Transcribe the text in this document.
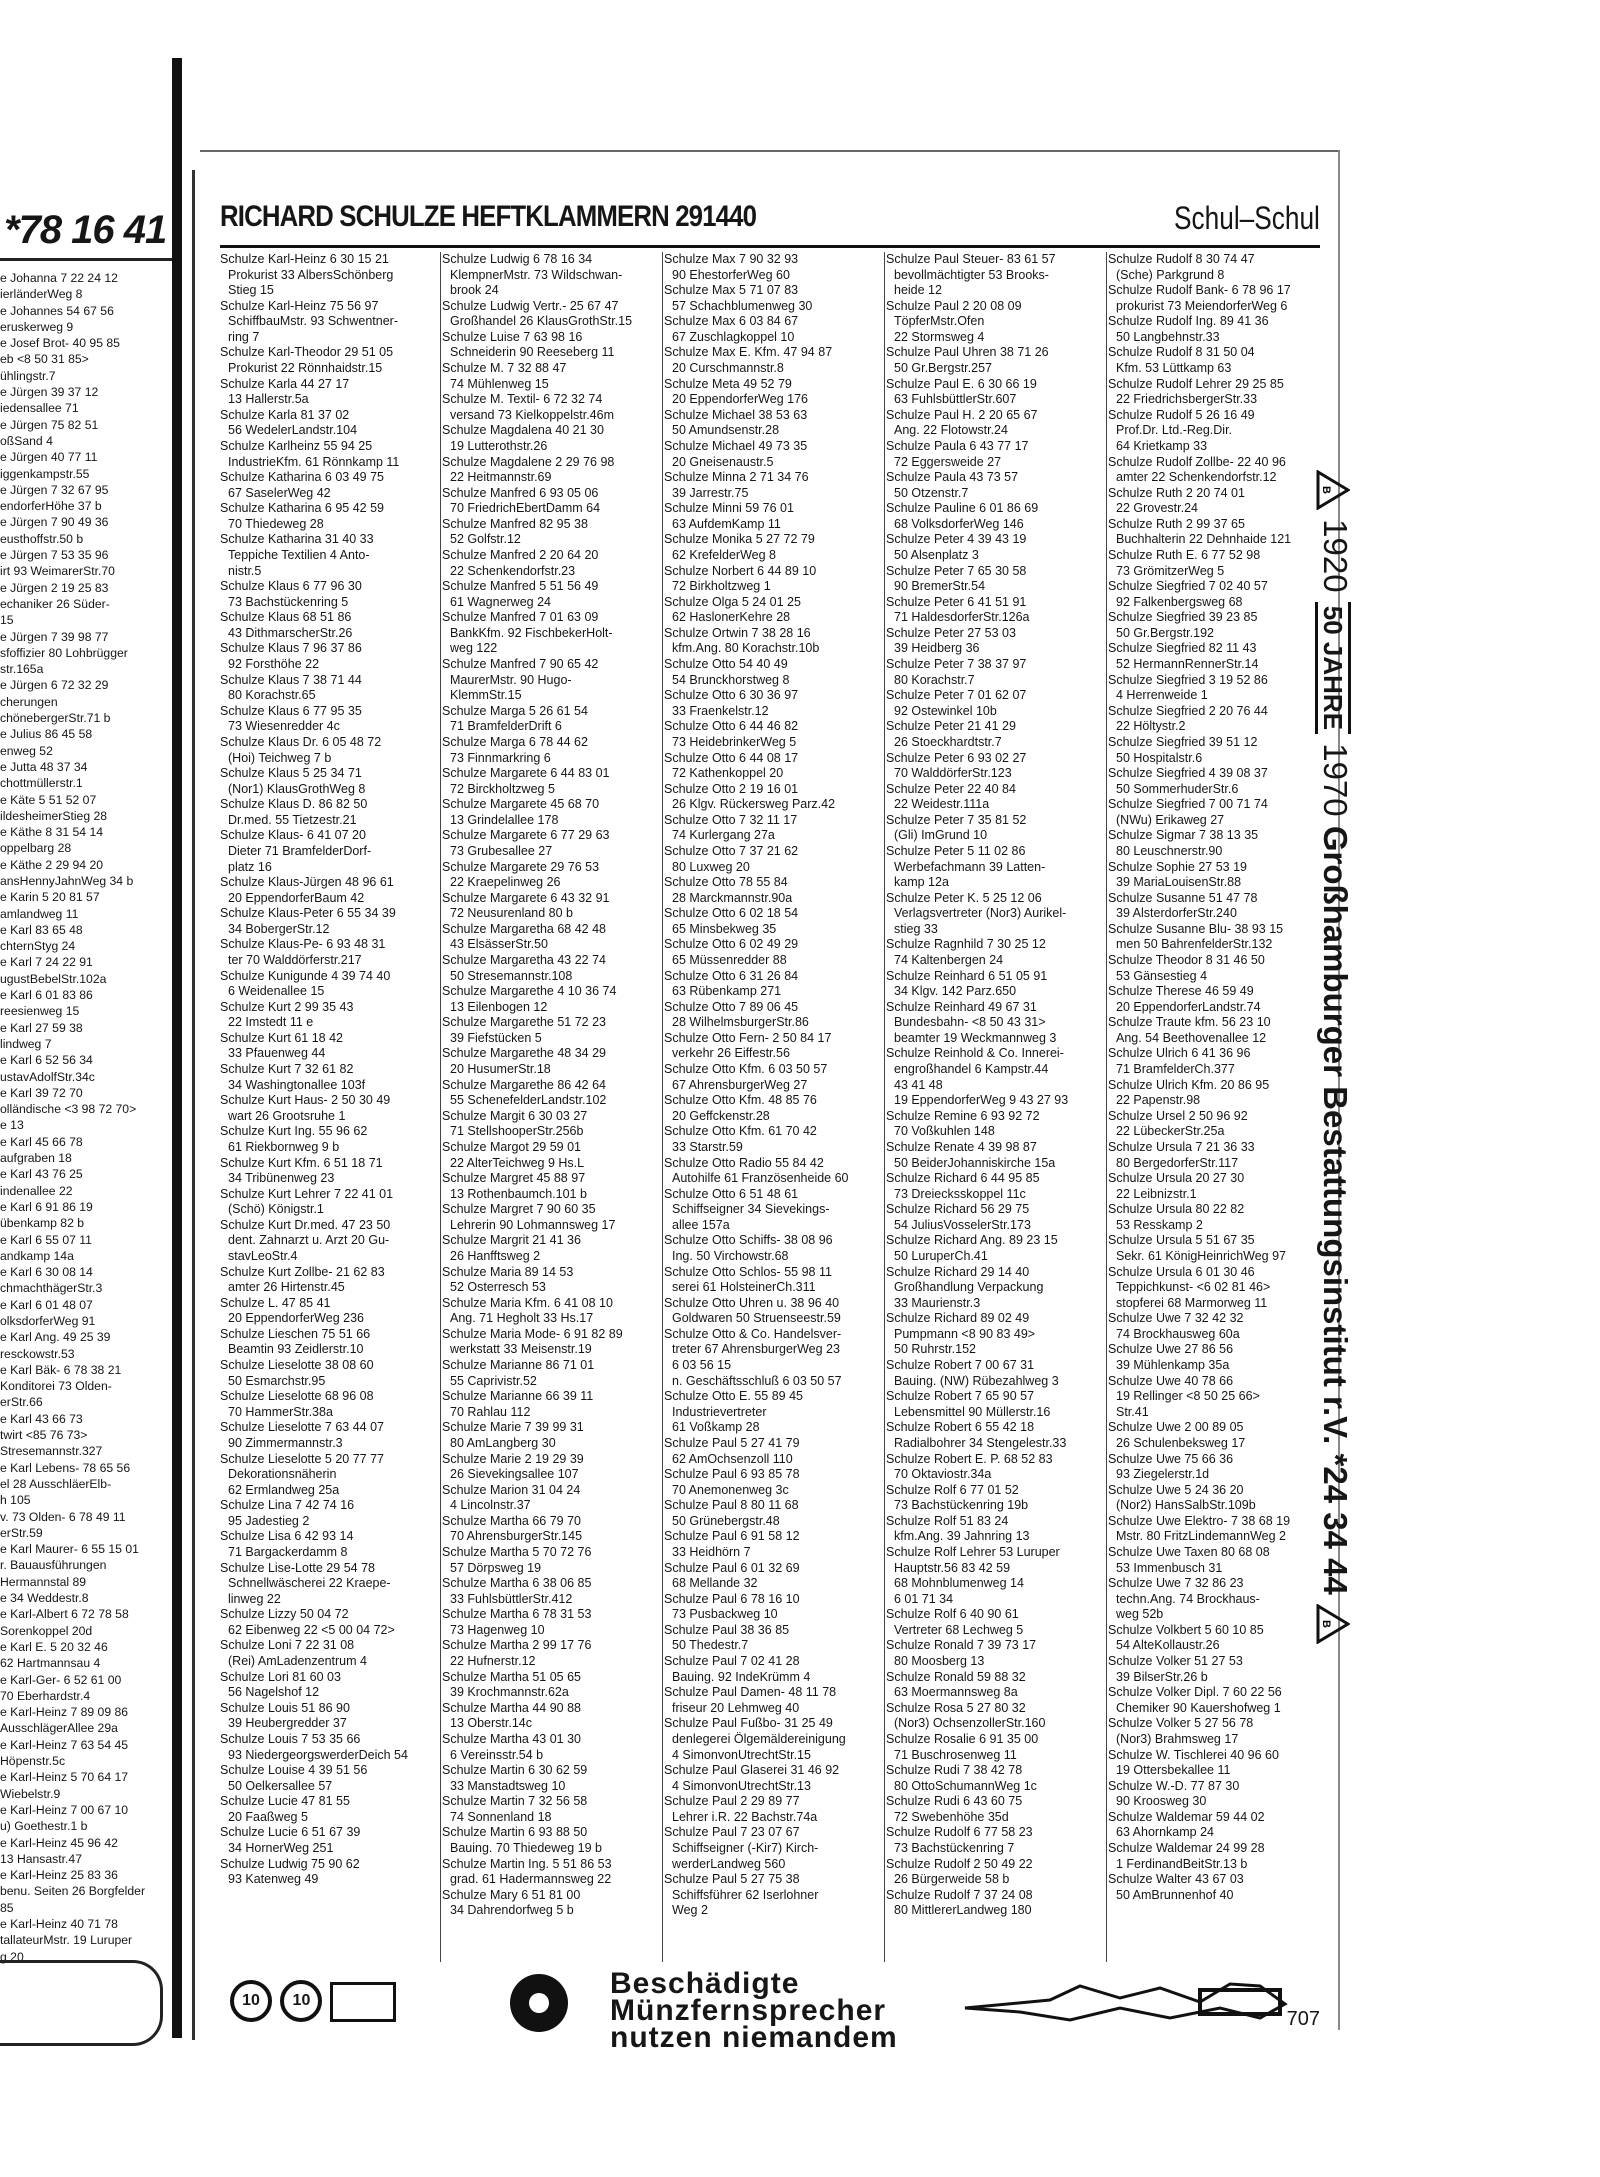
*78 16 41
e Johanna 7 22 24 12
ierländerWeg 8
e Johannes 54 67 56
eruskerweg 9
e Josef Brot- 40 95 85
eb <8 50 31 85>
ühlingstr.7
e Jürgen 39 37 12
iedensallee 71
e Jürgen 75 82 51
oßSand 4
e Jürgen 40 77 11
iggenkampstr.55
e Jürgen 7 32 67 95
endorferHöhe 37 b
e Jürgen 7 90 49 36
eusthoffstr.50 b
e Jürgen 7 53 35 96
irt 93 WeimarerStr.70
e Jürgen 2 19 25 83
echaniker 26 Süder-
15
e Jürgen 7 39 98 77
sfoffizier 80 Lohbrügger
str.165a
e Jürgen 6 72 32 29
cherungen
chönebergerStr.71 b
e Julius 86 45 58
enweg 52
e Jutta 48 37 34
chottmüllerstr.1
e Käte 5 51 52 07
ildesheimerStieg 28
e Käthe 8 31 54 14
oppelbarg 28
e Käthe 2 29 94 20
ansHennyJahnWeg 34 b
e Karin 5 20 81 57
amlandweg 11
e Karl 83 65 48
chternStyg 24
e Karl 7 24 22 91
ugustBebelStr.102a
e Karl 6 01 83 86
reesienweg 15
e Karl 27 59 38
lindweg 7
e Karl 6 52 56 34
ustavAdolfStr.34c
e Karl 39 72 70
olländische <3 98 72 70>
e 13
e Karl 45 66 78
aufgraben 18
e Karl 43 76 25
indenallee 22
e Karl 6 91 86 19
übenkamp 82 b
e Karl 6 55 07 11
andkamp 14a
e Karl 6 30 08 14
chmachthägerStr.3
e Karl 6 01 48 07
olksdorferWeg 91
e Karl Ang. 49 25 39
resckowstr.53
e Karl Bäk- 6 78 38 21
Konditorei 73 Olden-
erStr.66
e Karl 43 66 73
twirt <85 76 73>
Stresemannstr.327
e Karl Lebens- 78 65 56
el 28 AusschläerElb-
h 105
v. 73 Olden- 6 78 49 11
erStr.59
e Karl Maurer- 6 55 15 01
r. Bauausführungen
Hermannstal 89
e 34 Weddestr.8
e Karl-Albert 6 72 78 58
Sorenkoppel 20d
e Karl E. 5 20 32 46
62 Hartmannsau 4
e Karl-Ger- 6 52 61 00
70 Eberhardstr.4
e Karl-Heinz 7 89 09 86
AusschlägerAllee 29a
e Karl-Heinz 7 63 54 45
Höpenstr.5c
e Karl-Heinz 5 70 64 17
Wiebelstr.9
e Karl-Heinz 7 00 67 10
u) Goethestr.1 b
e Karl-Heinz 45 96 42
13 Hansastr.47
e Karl-Heinz 25 83 36
benu. Seiten 26 Borgfelder
85
e Karl-Heinz 40 71 78
tallateurMstr. 19 Luruper
g 20
RICHARD SCHULZE HEFTKLAMMERN 291440	Schul–Schul
Schulze Karl-Heinz 6 30 15 21
Prokurist 33 AlbersSchönberg
Stieg 15
Schulze Karl-Heinz 75 56 97
SchiffbauMstr. 93 Schwentner-
ring 7
Schulze Karl-Theodor 29 51 05
Prokurist 22 Rönnhaidstr.15
Schulze Karla 44 27 17
13 Hallerstr.5a
Schulze Karla 81 37 02
56 WedelerLandstr.104
Schulze Karlheinz 55 94 25
IndustrieKfm. 61 Rönnkamp 11
Schulze Katharina 6 03 49 75
67 SaselerWeg 42
Schulze Katharina 6 95 42 59
70 Thiedeweg 28
Schulze Katharina 31 40 33
Teppiche Textilien 4 Anto-
nistr.5
Schulze Klaus 6 77 96 30
73 Bachstückenring 5
Schulze Klaus 68 51 86
43 DithmarscherStr.26
Schulze Klaus 7 96 37 86
92 Forsthöhe 22
Schulze Klaus 7 38 71 44
80 Korachstr.65
Schulze Klaus 6 77 95 35
73 Wiesenredder 4c
Schulze Klaus Dr. 6 05 48 72
(Hoi) Teichweg 7 b
Schulze Klaus 5 25 34 71
(Nor1) KlausGrothWeg 8
Schulze Klaus D. 86 82 50
Dr.med. 55 Tietzestr.21
Schulze Klaus- 6 41 07 20
Dieter 71 BramfelderDorf-
platz 16
Schulze Klaus-Jürgen 48 96 61
20 EppendorferBaum 42
Schulze Klaus-Peter 6 55 34 39
34 BobergerStr.12
Schulze Klaus-Pe- 6 93 48 31
ter 70 Walddörferstr.217
Schulze Kunigunde 4 39 74 40
6 Weidenallee 15
Schulze Kurt 2 99 35 43
22 Imstedt 11 e
Schulze Kurt 61 18 42
33 Pfauenweg 44
Schulze Kurt 7 32 61 82
34 Washingtonallee 103f
Schulze Kurt Haus- 2 50 30 49
wart 26 Grootsruhe 1
Schulze Kurt Ing. 55 96 62
61 Riekbornweg 9 b
Schulze Kurt Kfm. 6 51 18 71
34 Tribünenweg 23
Schulze Kurt Lehrer 7 22 41 01
(Schö) Königstr.1
Schulze Kurt Dr.med. 47 23 50
dent. Zahnarzt u. Arzt 20 Gu-
stavLeoStr.4
Schulze Kurt Zollbe- 21 62 83
amter 26 Hirtenstr.45
Schulze L. 47 85 41
20 EppendorferWeg 236
Schulze Lieschen 75 51 66
Beamtin 93 Zeidlerstr.10
Schulze Lieselotte 38 08 60
50 Esmarchstr.95
Schulze Lieselotte 68 96 08
70 HammerStr.38a
Schulze Lieselotte 7 63 44 07
90 Zimmermannstr.3
Schulze Lieselotte 5 20 77 77
Dekorationsnäherin
62 Ermlandweg 25a
Schulze Lina 7 42 74 16
95 Jadestieg 2
Schulze Lisa 6 42 93 14
71 Bargackerdamm 8
Schulze Lise-Lotte 29 54 78
Schnellwäscherei 22 Kraepe-
linweg 22
Schulze Lizzy 50 04 72
62 Eibenweg 22 <5 00 04 72>
Schulze Loni 7 22 31 08
(Rei) AmLadenzentrum 4
Schulze Lori 81 60 03
56 Nagelshof 12
Schulze Louis 51 86 90
39 Heubergredder 37
Schulze Louis 7 53 35 66
93 NiedergeorgswerderDeich 54
Schulze Louise 4 39 51 56
50 Oelkersallee 57
Schulze Lucie 47 81 55
20 Faaßweg 5
Schulze Lucie 6 51 67 39
34 HornerWeg 251
Schulze Ludwig 75 90 62
93 Katenweg 49
Schulze Ludwig 6 78 16 34
KlempnerMstr. 73 Wildschwan-
brook 24
Schulze Ludwig Vertr.- 25 67 47
Großhandel 26 KlausGrothStr.15
Schulze Luise 7 63 98 16
Schneiderin 90 Reeseberg 11
Schulze M. 7 32 88 47
74 Mühlenweg 15
Schulze M. Textil- 6 72 32 74
versand 73 Kielkoppelstr.46m
Schulze Magdalena 40 21 30
19 Lutterothstr.26
Schulze Magdalene 2 29 76 98
22 Heitmannstr.69
Schulze Manfred 6 93 05 06
70 FriedrichEbertDamm 64
Schulze Manfred 82 95 38
52 Golfstr.12
Schulze Manfred 2 20 64 20
22 Schenkendorfstr.23
Schulze Manfred 5 51 56 49
61 Wagnerweg 24
Schulze Manfred 7 01 63 09
BankKfm. 92 FischbekerHolt-
weg 122
Schulze Manfred 7 90 65 42
MaurerMstr. 90 Hugo-
KlemmStr.15
Schulze Marga 5 26 61 54
71 BramfelderDrift 6
Schulze Marga 6 78 44 62
73 Finnmarkring 6
Schulze Margarete 6 44 83 01
72 Birckholtzweg 5
Schulze Margarete 45 68 70
13 Grindelallee 178
Schulze Margarete 6 77 29 63
73 Grubesallee 27
Schulze Margarete 29 76 53
22 Kraepelinweg 26
Schulze Margarete 6 43 32 91
72 Neusurenland 80 b
Schulze Margaretha 68 42 48
43 ElsässerStr.50
Schulze Margaretha 43 22 74
50 Stresemannstr.108
Schulze Margarethe 4 10 36 74
13 Eilenbogen 12
Schulze Margarethe 51 72 23
39 Fiefstücken 5
Schulze Margarethe 48 34 29
20 HusumerStr.18
Schulze Margarethe 86 42 64
55 SchenefelderLandstr.102
Schulze Margit 6 30 03 27
71 StellshooperStr.256b
Schulze Margot 29 59 01
22 AlterTeichweg 9 Hs.L
Schulze Margret 45 88 97
13 Rothenbaumch.101 b
Schulze Margret 7 90 60 35
Lehrerin 90 Lohmannsweg 17
Schulze Margrit 21 41 36
26 Hanfftsweg 2
Schulze Maria 89 14 53
52 Osterresch 53
Schulze Maria Kfm. 6 41 08 10
Ang. 71 Hegholt 33 Hs.17
Schulze Maria Mode- 6 91 82 89
werkstatt 33 Meisenstr.19
Schulze Marianne 86 71 01
55 Caprivistr.52
Schulze Marianne 66 39 11
70 Rahlau 112
Schulze Marie 7 39 99 31
80 AmLangberg 30
Schulze Marie 2 19 29 39
26 Sievekingsallee 107
Schulze Marion 31 04 24
4 Lincolnstr.37
Schulze Martha 66 79 70
70 AhrensburgerStr.145
Schulze Martha 5 70 72 76
57 Dörpsweg 19
Schulze Martha 6 38 06 85
33 FuhlsbüttlerStr.412
Schulze Martha 6 78 31 53
73 Hagenweg 10
Schulze Martha 2 99 17 76
22 Hufnerstr.12
Schulze Martha 51 05 65
39 Krochmannstr.62a
Schulze Martha 44 90 88
13 Oberstr.14c
Schulze Martha 43 01 30
6 Vereinsstr.54 b
Schulze Martin 6 30 62 59
33 Manstadtsweg 10
Schulze Martin 7 32 56 58
74 Sonnenland 18
Schulze Martin 6 93 88 50
Bauing. 70 Thiedeweg 19 b
Schulze Martin Ing. 5 51 86 53
grad. 61 Hadermannsweg 22
Schulze Mary 6 51 81 00
34 Dahrendorfweg 5 b
Schulze Max 7 90 32 93
90 EhestorferWeg 60
Schulze Max 5 71 07 83
57 Schachblumenweg 30
Schulze Max 6 03 84 67
67 Zuschlagkoppel 10
Schulze Max E. Kfm. 47 94 87
20 Curschmannstr.8
Schulze Meta 49 52 79
20 EppendorferWeg 176
Schulze Michael 38 53 63
50 Amundsenstr.28
Schulze Michael 49 73 35
20 Gneisenaustr.5
Schulze Minna 2 71 34 76
39 Jarrestr.75
Schulze Minni 59 76 01
63 AufdemKamp 11
Schulze Monika 5 27 72 79
62 KrefelderWeg 8
Schulze Norbert 6 44 89 10
72 Birkholtzweg 1
Schulze Olga 5 24 01 25
62 HaslonerKehre 28
Schulze Ortwin 7 38 28 16
kfm.Ang. 80 Korachstr.10b
Schulze Otto 54 40 49
54 Brunckhorstweg 8
Schulze Otto 6 30 36 97
33 Fraenkelstr.12
Schulze Otto 6 44 46 82
73 HeidebrinkerWeg 5
Schulze Otto 6 44 08 17
72 Kathenkoppel 20
Schulze Otto 2 19 16 01
26 Klgv. Rückersweg Parz.42
Schulze Otto 7 32 11 17
74 Kurlergang 27a
Schulze Otto 7 37 21 62
80 Luxweg 20
Schulze Otto 78 55 84
28 Marckmannstr.90a
Schulze Otto 6 02 18 54
65 Minsbekweg 35
Schulze Otto 6 02 49 29
65 Müssenredder 88
Schulze Otto 6 31 26 84
63 Rübenkamp 271
Schulze Otto 7 89 06 45
28 WilhelmsburgerStr.86
Schulze Otto Fern- 2 50 84 17
verkehr 26 Eiffestr.56
Schulze Otto Kfm. 6 03 50 57
67 AhrensburgerWeg 27
Schulze Otto Kfm. 48 85 76
20 Geffckenstr.28
Schulze Otto Kfm. 61 70 42
33 Starstr.59
Schulze Otto Radio 55 84 42
Autohilfe 61 Französenheide 60
Schulze Otto 6 51 48 61
Schiffseigner 34 Sievekings-
allee 157a
Schulze Otto Schiffs- 38 08 96
Ing. 50 Virchowstr.68
Schulze Otto Schlos- 55 98 11
serei 61 HolsteinerCh.311
Schulze Otto Uhren u. 38 96 40
Goldwaren 50 Struenseestr.59
Schulze Otto & Co. Handelsver-
treter 67 AhrensburgerWeg 23
6 03 56 15
n. Geschäftsschluß 6 03 50 57
Schulze Otto E. 55 89 45
Industrievertreter
61 Voßkamp 28
Schulze Paul 5 27 41 79
62 AmOchsenzoll 110
Schulze Paul 6 93 85 78
70 Anemonenweg 3c
Schulze Paul 8 80 11 68
50 Grünebergstr.48
Schulze Paul 6 91 58 12
33 Heidhörn 7
Schulze Paul 6 01 32 69
68 Mellande 32
Schulze Paul 6 78 16 10
73 Pusbackweg 10
Schulze Paul 38 36 85
50 Thedestr.7
Schulze Paul 7 02 41 28
Bauing. 92 IndeKrümm 4
Schulze Paul Damen- 48 11 78
friseur 20 Lehmweg 40
Schulze Paul Fußbo- 31 25 49
denlegerei Ölgemäldereinigung
4 SimonvonUtrechtStr.15
Schulze Paul Glaserei 31 46 92
4 SimonvonUtrechtStr.13
Schulze Paul 2 29 89 77
Lehrer i.R. 22 Bachstr.74a
Schulze Paul 7 23 07 67
Schiffseigner (-Kir7) Kirch-
werderLandweg 560
Schulze Paul 5 27 75 38
Schiffsführer 62 Iserlohner
Weg 2
Schulze Paul Steuer- 83 61 57
bevollmächtigter 53 Brooks-
heide 12
Schulze Paul 2 20 08 09
TöpferMstr.Ofen
22 Stormsweg 4
Schulze Paul Uhren 38 71 26
50 Gr.Bergstr.257
Schulze Paul E. 6 30 66 19
63 FuhlsbüttlerStr.607
Schulze Paul H. 2 20 65 67
Ang. 22 Flotowstr.24
Schulze Paula 6 43 77 17
72 Eggersweide 27
Schulze Paula 43 73 57
50 Otzenstr.7
Schulze Pauline 6 01 86 69
68 VolksdorferWeg 146
Schulze Peter 4 39 43 19
50 Alsenplatz 3
Schulze Peter 7 65 30 58
90 BremerStr.54
Schulze Peter 6 41 51 91
71 HaldesdorferStr.126a
Schulze Peter 27 53 03
39 Heidberg 36
Schulze Peter 7 38 37 97
80 Korachstr.7
Schulze Peter 7 01 62 07
92 Ostewinkel 10b
Schulze Peter 21 41 29
26 Stoeckhardtstr.7
Schulze Peter 6 93 02 27
70 WalddörferStr.123
Schulze Peter 22 40 84
22 Weidestr.111a
Schulze Peter 7 35 81 52
(Gli) ImGrund 10
Schulze Peter 5 11 02 86
Werbefachmann 39 Latten-
kamp 12a
Schulze Peter K. 5 25 12 06
Verlagsvertreter (Nor3) Aurikel-
stieg 33
Schulze Ragnhild 7 30 25 12
74 Kaltenbergen 24
Schulze Reinhard 6 51 05 91
34 Klgv. 142 Parz.650
Schulze Reinhard 49 67 31
Bundesbahn- <8 50 43 31>
beamter 19 Weckmannweg 3
Schulze Reinhold & Co. Innerei-
engroßhandel 6 Kampstr.44
43 41 48
19 EppendorferWeg 9 43 27 93
Schulze Remine 6 93 92 72
70 Voßkuhlen 148
Schulze Renate 4 39 98 87
50 BeiderJohanniskirche 15a
Schulze Richard 6 44 95 85
73 Dreiecksskoppel 11c
Schulze Richard 56 29 75
54 JuliusVosselerStr.173
Schulze Richard Ang. 89 23 15
50 LuruperCh.41
Schulze Richard 29 14 40
Großhandlung Verpackung
33 Maurienstr.3
Schulze Richard 89 02 49
Pumpmann <8 90 83 49>
50 Ruhrstr.152
Schulze Robert 7 00 67 31
Bauing. (NW) Rübezahlweg 3
Schulze Robert 7 65 90 57
Lebensmittel 90 Müllerstr.16
Schulze Robert 6 55 42 18
Radialbohrer 34 Stengelestr.33
Schulze Robert E. P. 68 52 83
70 Oktaviostr.34a
Schulze Rolf 6 77 01 52
73 Bachstückenring 19b
Schulze Rolf 51 83 24
kfm.Ang. 39 Jahnring 13
Schulze Rolf Lehrer 53 Luruper
Hauptstr.56 83 42 59
68 Mohnblumenweg 14
6 01 71 34
Schulze Rolf 6 40 90 61
Vertreter 68 Lechweg 5
Schulze Ronald 7 39 73 17
80 Moosberg 13
Schulze Ronald 59 88 32
63 Moermannsweg 8a
Schulze Rosa 5 27 80 32
(Nor3) OchsenzollerStr.160
Schulze Rosalie 6 91 35 00
71 Buschrosenweg 11
Schulze Rudi 7 38 42 78
80 OttoSchumannWeg 1c
Schulze Rudi 6 43 60 75
72 Swebenhöhe 35d
Schulze Rudolf 6 77 58 23
73 Bachstückenring 7
Schulze Rudolf 2 50 49 22
26 Bürgerweide 58 b
Schulze Rudolf 7 37 24 08
80 MittlererLandweg 180
Schulze Rudolf 8 30 74 47
(Sche) Parkgrund 8
Schulze Rudolf Bank- 6 78 96 17
prokurist 73 MeiendorferWeg 6
Schulze Rudolf Ing. 89 41 36
50 Langbehnstr.33
Schulze Rudolf 8 31 50 04
Kfm. 53 Lüttkamp 63
Schulze Rudolf Lehrer 29 25 85
22 FriedrichsbergerStr.33
Schulze Rudolf 5 26 16 49
Prof.Dr. Ltd.-Reg.Dir.
64 Krietkamp 33
Schulze Rudolf Zollbe- 22 40 96
amter 22 Schenkendorfstr.12
Schulze Ruth 2 20 74 01
22 Grovestr.24
Schulze Ruth 2 99 37 65
Buchhalterin 22 Dehnhaide 121
Schulze Ruth E. 6 77 52 98
73 GrömitzerWeg 5
Schulze Siegfried 7 02 40 57
92 Falkenbergsweg 68
Schulze Siegfried 39 23 85
50 Gr.Bergstr.192
Schulze Siegfried 82 11 43
52 HermannRennerStr.14
Schulze Siegfried 3 19 52 86
4 Herrenweide 1
Schulze Siegfried 2 20 76 44
22 Höltystr.2
Schulze Siegfried 39 51 12
50 Hospitalstr.6
Schulze Siegfried 4 39 08 37
50 SommerhuderStr.6
Schulze Siegfried 7 00 71 74
(NWu) Erikaweg 27
Schulze Sigmar 7 38 13 35
80 Leuschnerstr.90
Schulze Sophie 27 53 19
39 MariaLouisenStr.88
Schulze Susanne 51 47 78
39 AlsterdorferStr.240
Schulze Susanne Blu- 38 93 15
men 50 BahrenfelderStr.132
Schulze Theodor 8 31 46 50
53 Gänsestieg 4
Schulze Therese 46 59 49
20 EppendorferLandstr.74
Schulze Traute kfm. 56 23 10
Ang. 54 Beethovenallee 12
Schulze Ulrich 6 41 36 96
71 BramfelderCh.377
Schulze Ulrich Kfm. 20 86 95
22 Papenstr.98
Schulze Ursel 2 50 96 92
22 LübeckerStr.25a
Schulze Ursula 7 21 36 33
80 BergedorferStr.117
Schulze Ursula 20 27 30
22 Leibnizstr.1
Schulze Ursula 80 22 82
53 Resskamp 2
Schulze Ursula 5 51 67 35
Sekr. 61 KönigHeinrichWeg 97
Schulze Ursula 6 01 30 46
Teppichkunst- <6 02 81 46>
stopferei 68 Marmorweg 11
Schulze Uwe 7 32 42 32
74 Brockhausweg 60a
Schulze Uwe 27 86 56
39 Mühlenkamp 35a
Schulze Uwe 40 78 66
19 Rellinger <8 50 25 66>
Str.41
Schulze Uwe 2 00 89 05
26 Schulenbeksweg 17
Schulze Uwe 75 66 36
93 Ziegelerstr.1d
Schulze Uwe 5 24 36 20
(Nor2) HansSalbStr.109b
Schulze Uwe Elektro- 7 38 68 19
Mstr. 80 FritzLindemannWeg 2
Schulze Uwe Taxen 80 68 08
53 Immenbusch 31
Schulze Uwe 7 32 86 23
techn.Ang. 74 Brockhaus-
weg 52b
Schulze Volkbert 5 60 10 85
54 AlteKollaustr.26
Schulze Volker 51 27 53
39 BilserStr.26 b
Schulze Volker Dipl. 7 60 22 56
Chemiker 90 Kauershofweg 1
Schulze Volker 5 27 56 78
(Nor3) Brahmsweg 17
Schulze W. Tischlerei 40 96 60
19 Ottersbekallee 11
Schulze W.-D. 77 87 30
90 Kroosweg 30
Schulze Waldemar 59 44 02
63 Ahornkamp 24
Schulze Waldemar 24 99 28
1 FerdinandBeitStr.13 b
Schulze Walter 43 67 03
50 AmBrunnenhof 40
10 10
Beschädigte
Münzfernsprecher
nutzen niemandem
707
B
1920 50 JAHRE 1970 Großhamburger Bestattungsinstitut r.V. *24 34 44
B
